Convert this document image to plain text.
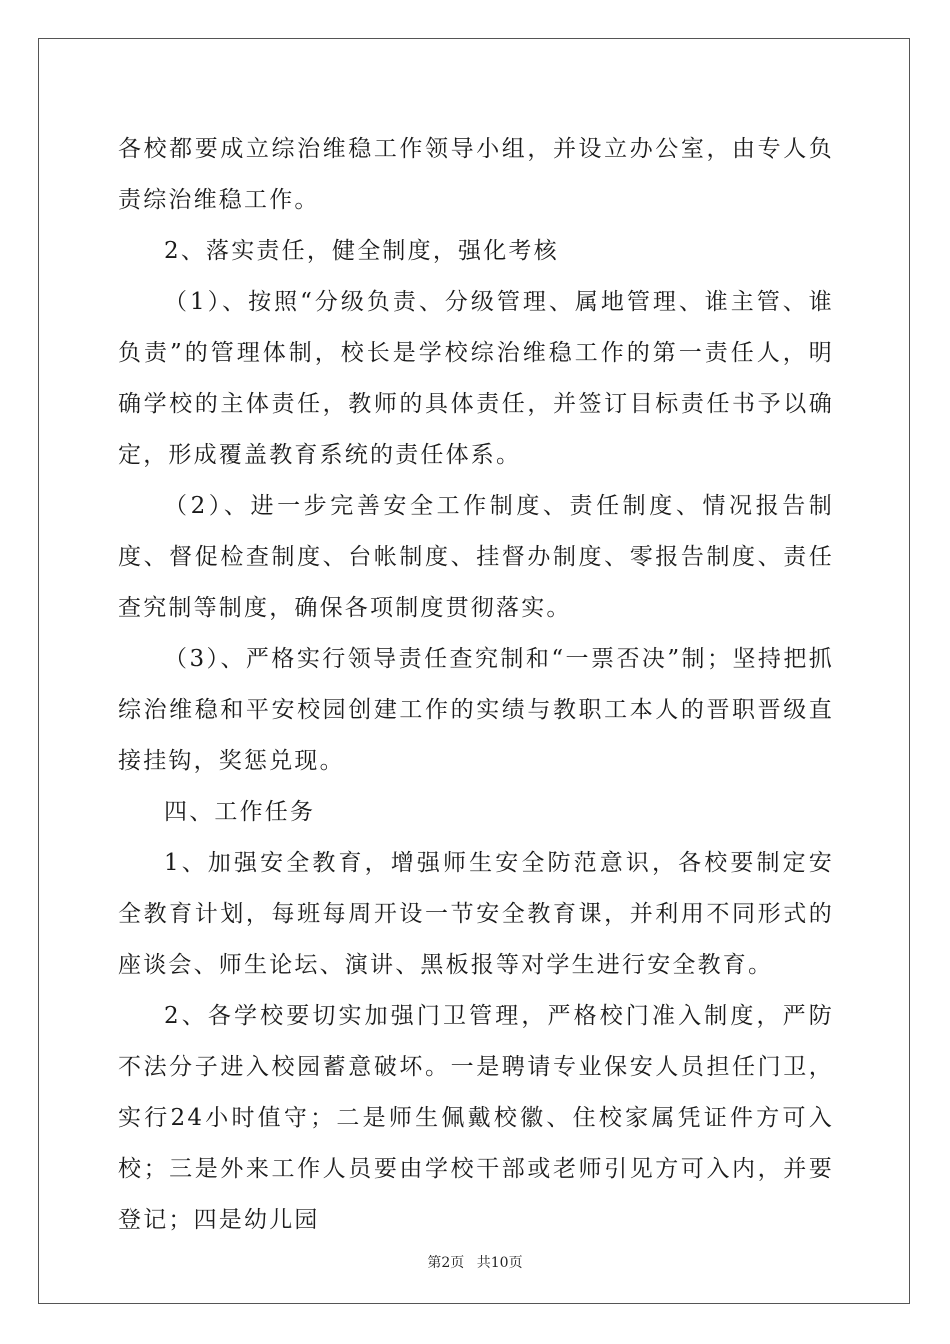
各校都要成立综治维稳工作领导小组，并设立办公室，由专人负责综治维稳工作。

2、落实责任，健全制度，强化考核

（1）、按照“分级负责、分级管理、属地管理、谁主管、谁负责”的管理体制，校长是学校综治维稳工作的第一责任人，明确学校的主体责任，教师的具体责任，并签订目标责任书予以确定，形成覆盖教育系统的责任体系。

（2）、进一步完善安全工作制度、责任制度、情况报告制度、督促检查制度、台帐制度、挂督办制度、零报告制度、责任查究制等制度，确保各项制度贯彻落实。

（3）、严格实行领导责任查究制和“一票否决”制；坚持把抓综治维稳和平安校园创建工作的实绩与教职工本人的晋职晋级直接挂钩，奖惩兑现。

四、工作任务

1、加强安全教育，增强师生安全防范意识，各校要制定安全教育计划，每班每周开设一节安全教育课，并利用不同形式的座谈会、师生论坛、演讲、黑板报等对学生进行安全教育。

2、各学校要切实加强门卫管理，严格校门准入制度，严防不法分子进入校园蓄意破坏。一是聘请专业保安人员担任门卫，实行24小时值守；二是师生佩戴校徽、住校家属凭证件方可入校；三是外来工作人员要由学校干部或老师引见方可入内，并要登记；四是幼儿园

第2页 共10页
